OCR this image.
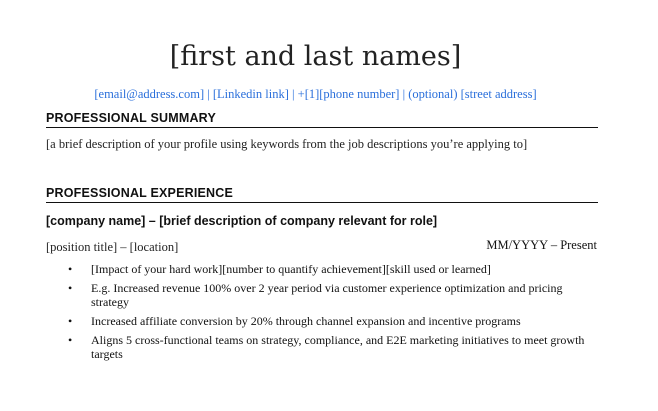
[first and last names]
[email@address.com] | [Linkedin link] | +[1][phone number] | (optional) [street address]
PROFESSIONAL SUMMARY
[a brief description of your profile using keywords from the job descriptions you’re applying to]
PROFESSIONAL EXPERIENCE
[company name] – [brief description of company relevant for role]
[position title] – [location]	MM/YYYY – Present
• [Impact of your hard work][number to quantify achievement][skill used or learned]
• E.g. Increased revenue 100% over 2 year period via customer experience optimization and pricing strategy
• Increased affiliate conversion by 20% through channel expansion and incentive programs
• Aligns 5 cross-functional teams on strategy, compliance, and E2E marketing initiatives to meet growth targets
